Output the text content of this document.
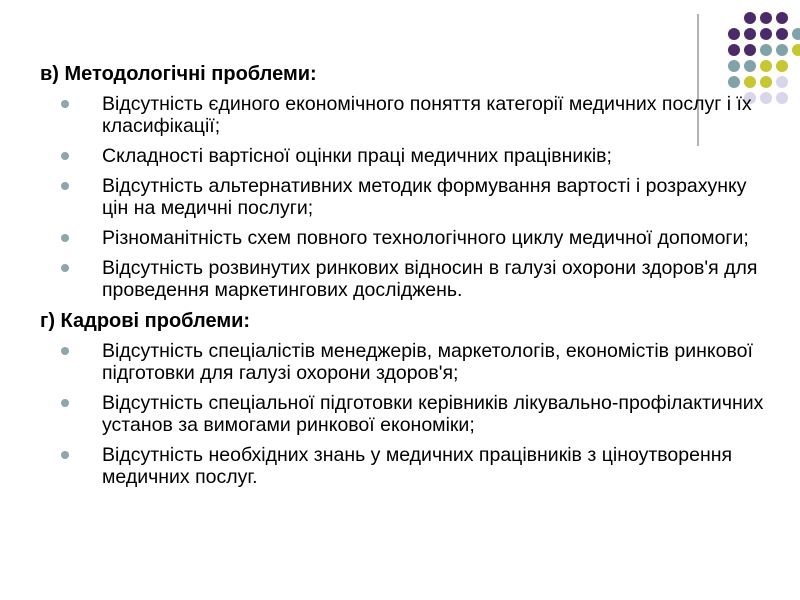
в) Методологічні проблеми:
Відсутність єдиного економічного поняття категорії медичних послуг і їх класифікації;
Складності вартісної оцінки праці медичних працівників;
Відсутність альтернативних методик формування вартості і розрахунку цін на медичні послуги;
Різноманітність схем повного технологічного циклу медичної допомоги;
Відсутність розвинутих ринкових відносин в галузі охорони здоров'я для проведення маркетингових досліджень.
г) Кадрові проблеми:
Відсутність спеціалістів менеджерів, маркетологів, економістів ринкової підготовки для галузі охорони здоров'я;
Відсутність спеціальної підготовки керівників лікувально-профілактичних установ за вимогами ринкової економіки;
Відсутність необхідних знань у медичних працівників з ціноутворення медичних послуг.
